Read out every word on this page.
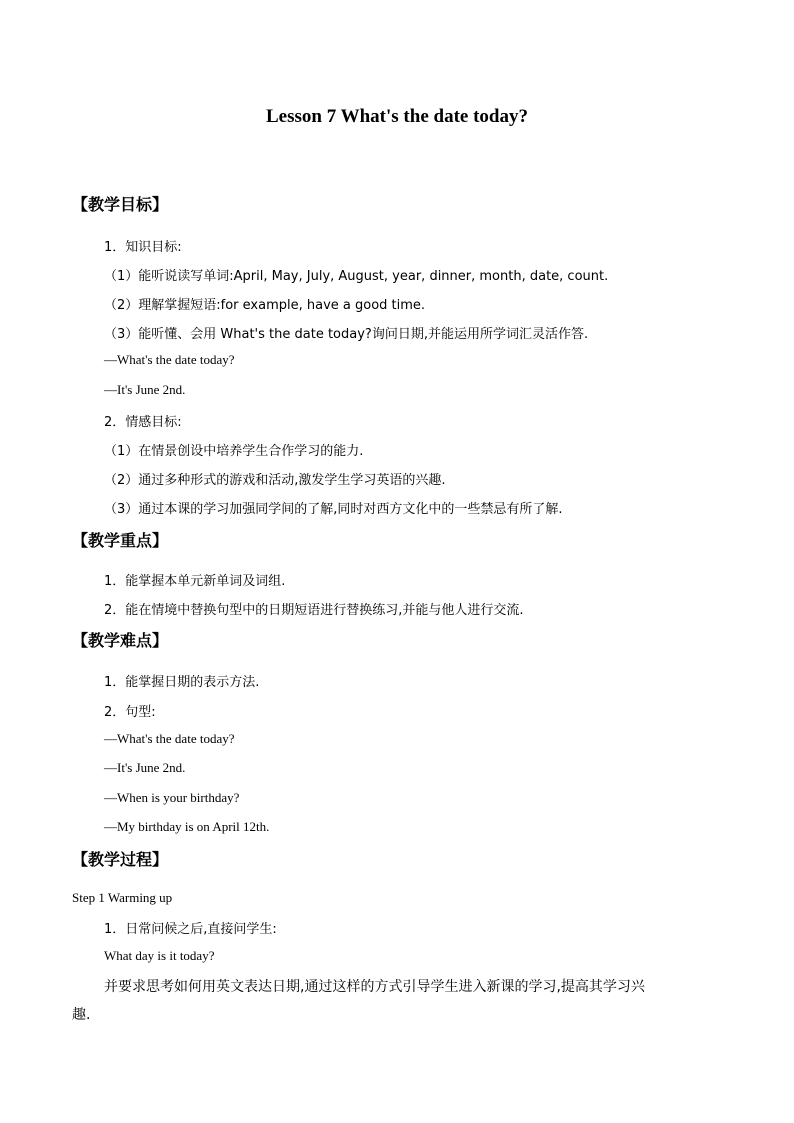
Lesson 7 What's the date today?
【教学目标】
1．知识目标:
（1）能听说读写单词:April, May, July, August, year, dinner, month, date, count.
（2）理解掌握短语:for example, have a good time.
（3）能听懂、会用 What's the date today?询问日期,并能运用所学词汇灵活作答.
—What's the date today?
—It's June 2nd.
2．情感目标:
（1）在情景创设中培养学生合作学习的能力.
（2）通过多种形式的游戏和活动,激发学生学习英语的兴趣.
（3）通过本课的学习加强同学间的了解,同时对西方文化中的一些禁忌有所了解.
【教学重点】
1．能掌握本单元新单词及词组.
2．能在情境中替换句型中的日期短语进行替换练习,并能与他人进行交流.
【教学难点】
1．能掌握日期的表示方法.
2．句型:
—What's the date today?
—It's June 2nd.
—When is your birthday?
—My birthday is on April 12th.
【教学过程】
Step 1 Warming up
1．日常问候之后,直接问学生:
What day is it today?
并要求思考如何用英文表达日期,通过这样的方式引导学生进入新课的学习,提高其学习兴
趣.
